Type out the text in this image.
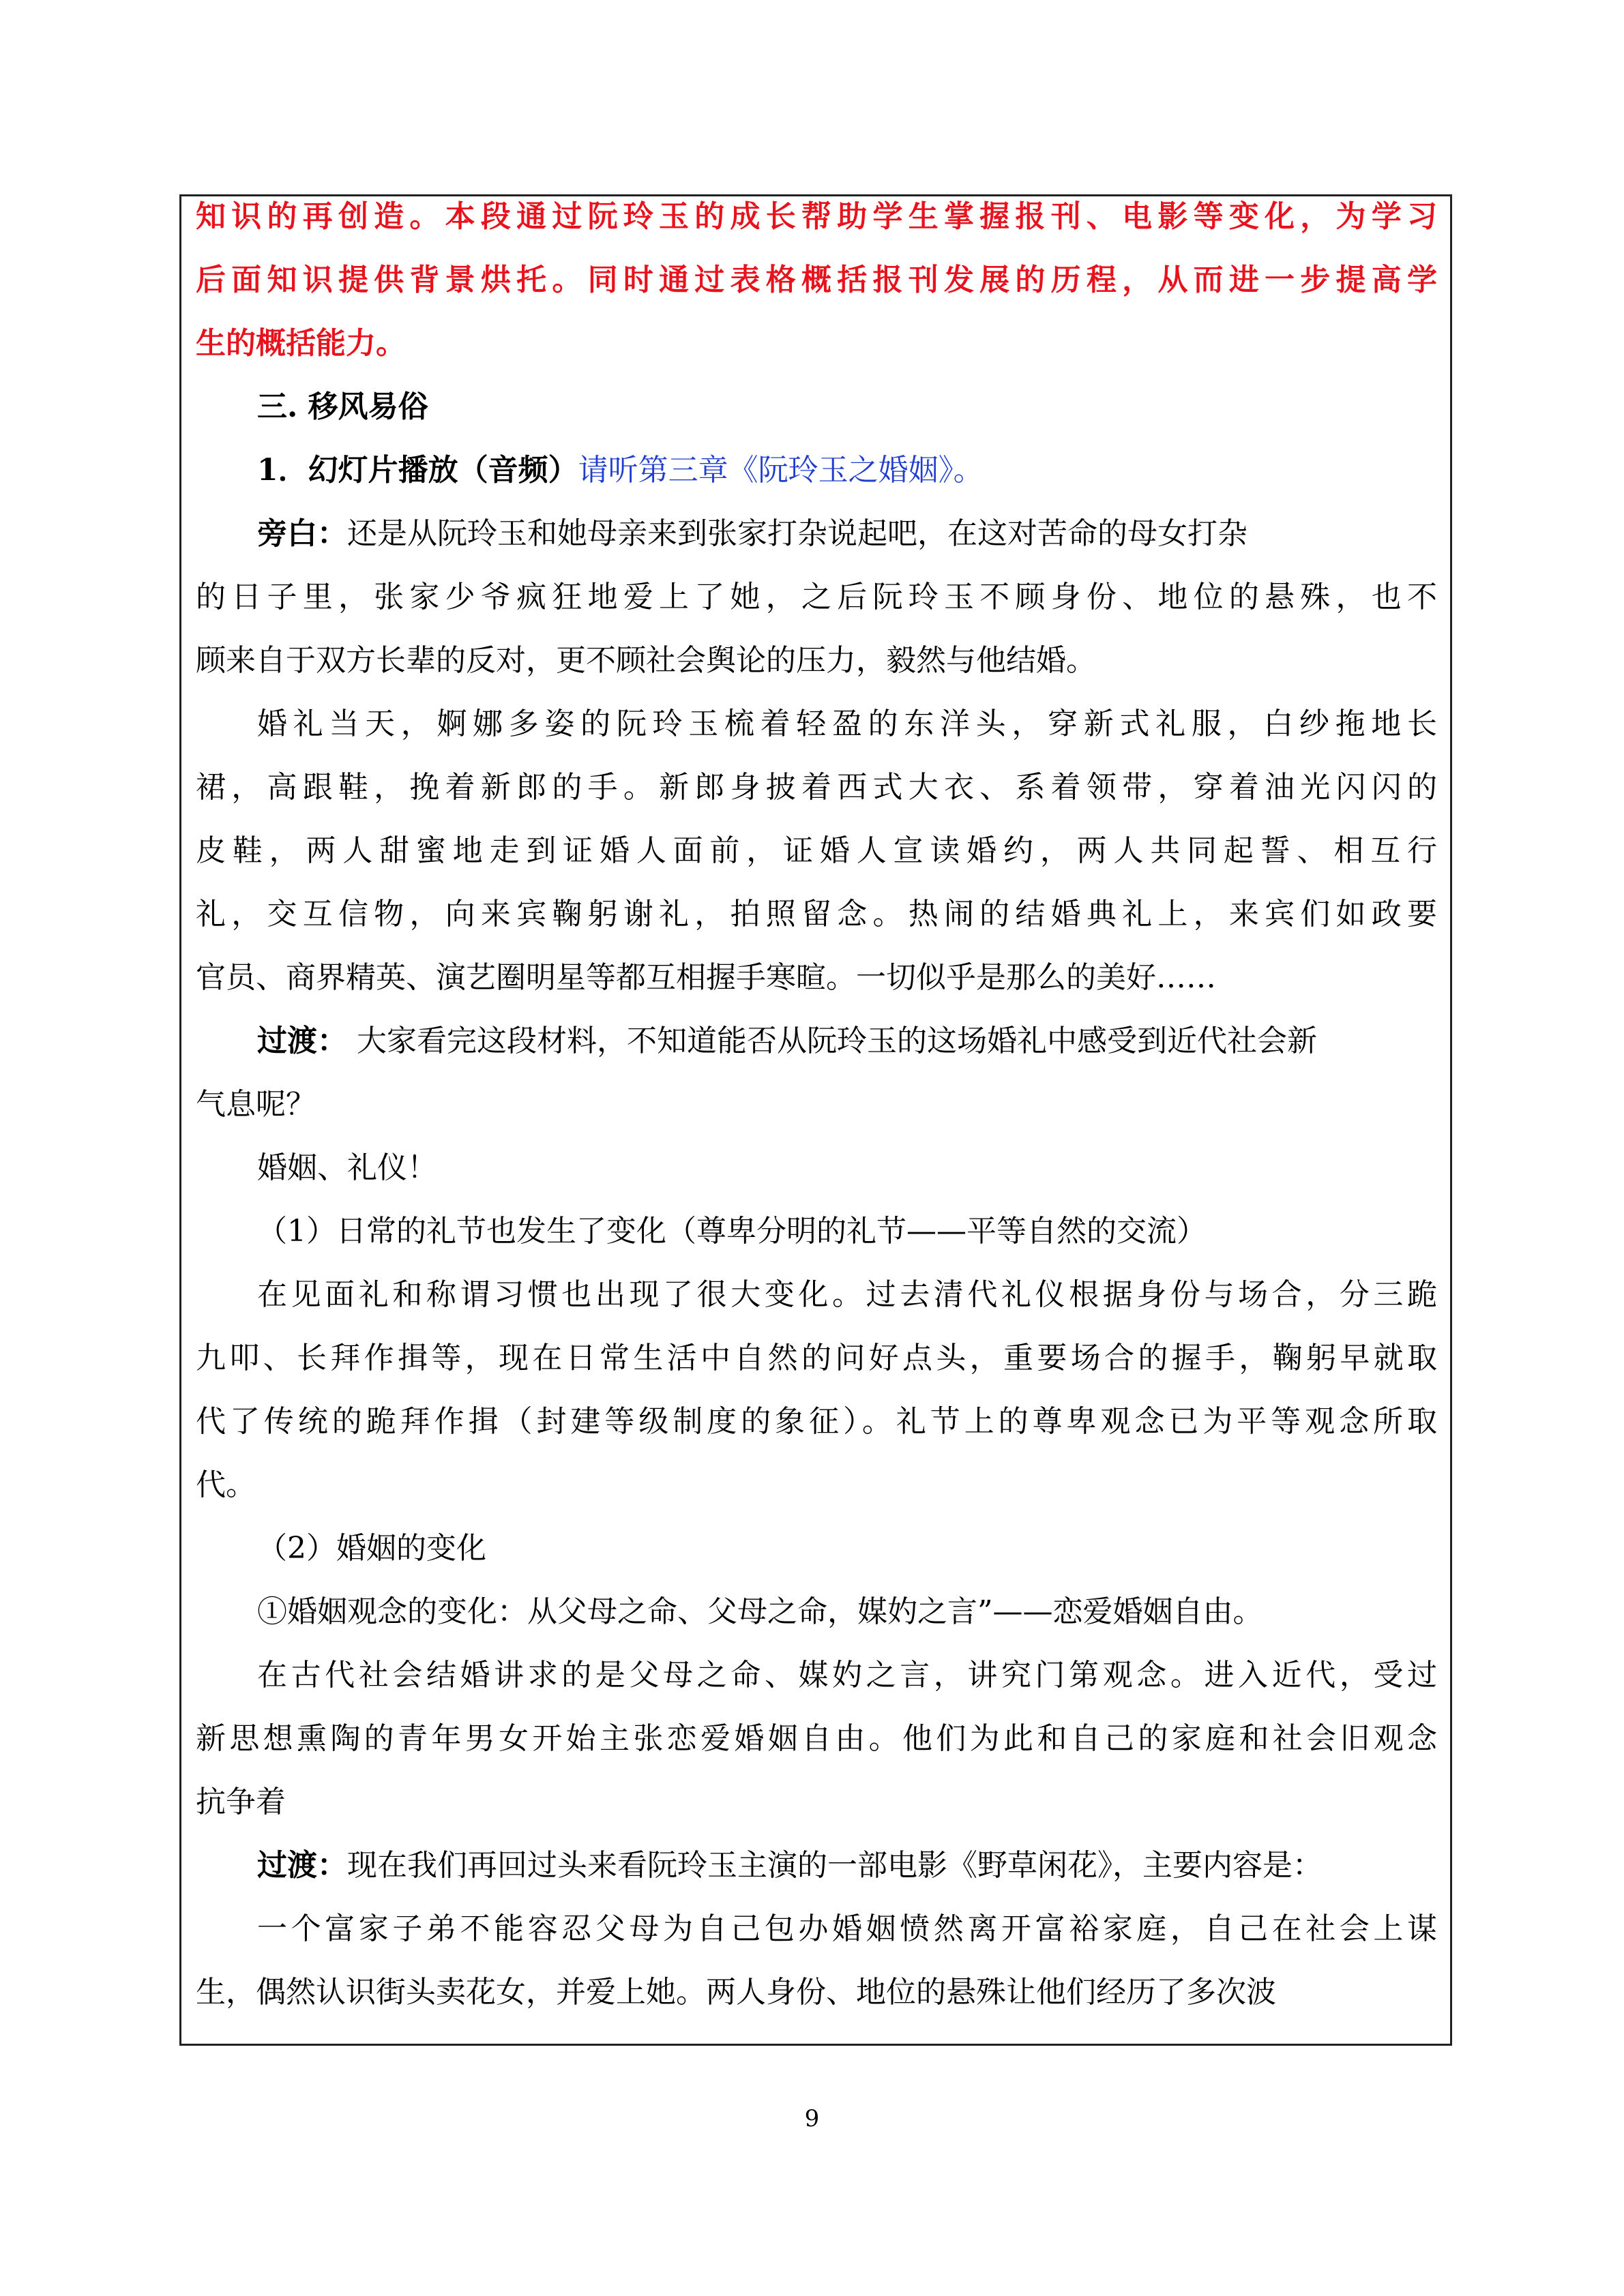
知识的再创造。本段通过阮玲玉的成长帮助学生掌握报刊、电影等变化，为学习
后面知识提供背景烘托。同时通过表格概括报刊发展的历程，从而进一步提高学
生的概括能力。
三. 移风易俗
1．幻灯片播放（音频）请听第三章《阮玲玉之婚姻》。
旁白：还是从阮玲玉和她母亲来到张家打杂说起吧，在这对苦命的母女打杂
的日子里，张家少爷疯狂地爱上了她，之后阮玲玉不顾身份、地位的悬殊，也不
顾来自于双方长辈的反对，更不顾社会舆论的压力，毅然与他结婚。
婚礼当天，婀娜多姿的阮玲玉梳着轻盈的东洋头，穿新式礼服，白纱拖地长
裙，高跟鞋，挽着新郎的手。新郎身披着西式大衣、系着领带，穿着油光闪闪的
皮鞋，两人甜蜜地走到证婚人面前，证婚人宣读婚约，两人共同起誓、相互行
礼，交互信物，向来宾鞠躬谢礼，拍照留念。热闹的结婚典礼上，来宾们如政要
官员、商界精英、演艺圈明星等都互相握手寒暄。一切似乎是那么的美好……
过渡： 大家看完这段材料，不知道能否从阮玲玉的这场婚礼中感受到近代社会新
气息呢？
婚姻、礼仪！
（1）日常的礼节也发生了变化（尊卑分明的礼节——平等自然的交流）
在见面礼和称谓习惯也出现了很大变化。过去清代礼仪根据身份与场合，分三跪
九叩、长拜作揖等，现在日常生活中自然的问好点头，重要场合的握手，鞠躬早就取
代了传统的跪拜作揖（封建等级制度的象征）。礼节上的尊卑观念已为平等观念所取
代。
（2）婚姻的变化
①婚姻观念的变化：从父母之命、父母之命，媒妁之言”——恋爱婚姻自由。
在古代社会结婚讲求的是父母之命、媒妁之言，讲究门第观念。进入近代，受过
新思想熏陶的青年男女开始主张恋爱婚姻自由。他们为此和自己的家庭和社会旧观念
抗争着
过渡：现在我们再回过头来看阮玲玉主演的一部电影《野草闲花》，主要内容是：
一个富家子弟不能容忍父母为自己包办婚姻愤然离开富裕家庭，自己在社会上谋
生，偶然认识街头卖花女，并爱上她。两人身份、地位的悬殊让他们经历了多次波
9
